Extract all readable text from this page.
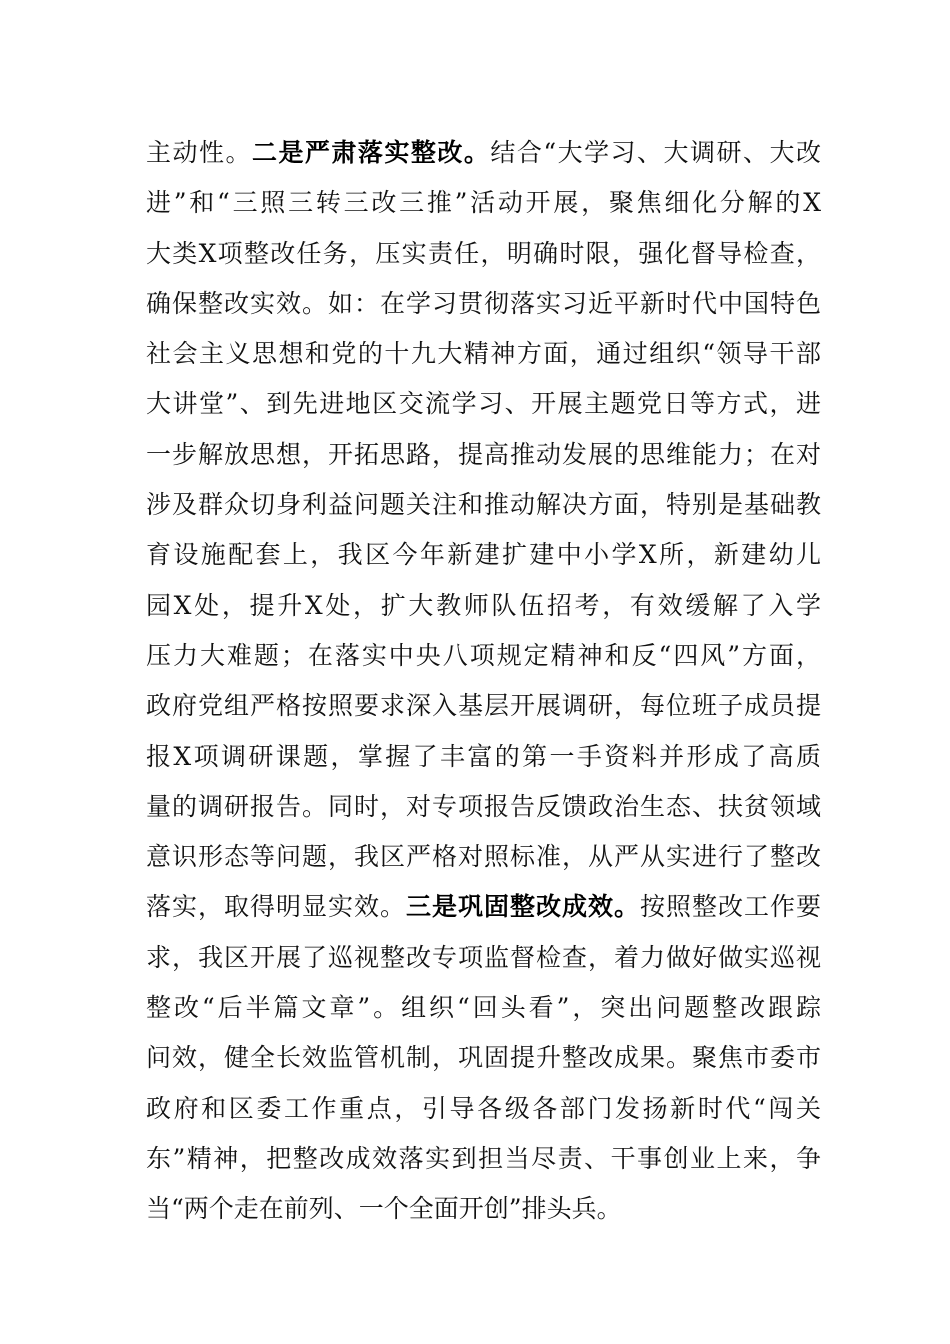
主动性。二是严肃落实整改。结合“大学习、大调研、大改
进”和“三照三转三改三推”活动开展，聚焦细化分解的X
大类X项整改任务，压实责任，明确时限，强化督导检查，
确保整改实效。如：在学习贯彻落实习近平新时代中国特色
社会主义思想和党的十九大精神方面，通过组织“领导干部
大讲堂”、到先进地区交流学习、开展主题党日等方式，进
一步解放思想，开拓思路，提高推动发展的思维能力；在对
涉及群众切身利益问题关注和推动解决方面，特别是基础教
育设施配套上，我区今年新建扩建中小学X所，新建幼儿
园X处，提升X处，扩大教师队伍招考，有效缓解了入学
压力大难题；在落实中央八项规定精神和反“四风”方面，
政府党组严格按照要求深入基层开展调研，每位班子成员提
报X项调研课题，掌握了丰富的第一手资料并形成了高质
量的调研报告。同时，对专项报告反馈政治生态、扶贫领域
意识形态等问题，我区严格对照标准，从严从实进行了整改
落实，取得明显实效。三是巩固整改成效。按照整改工作要
求，我区开展了巡视整改专项监督检查，着力做好做实巡视
整改“后半篇文章”。组织“回头看”，突出问题整改跟踪
问效，健全长效监管机制，巩固提升整改成果。聚焦市委市
政府和区委工作重点，引导各级各部门发扬新时代“闯关
东”精神，把整改成效落实到担当尽责、干事创业上来，争
当“两个走在前列、一个全面开创”排头兵。
